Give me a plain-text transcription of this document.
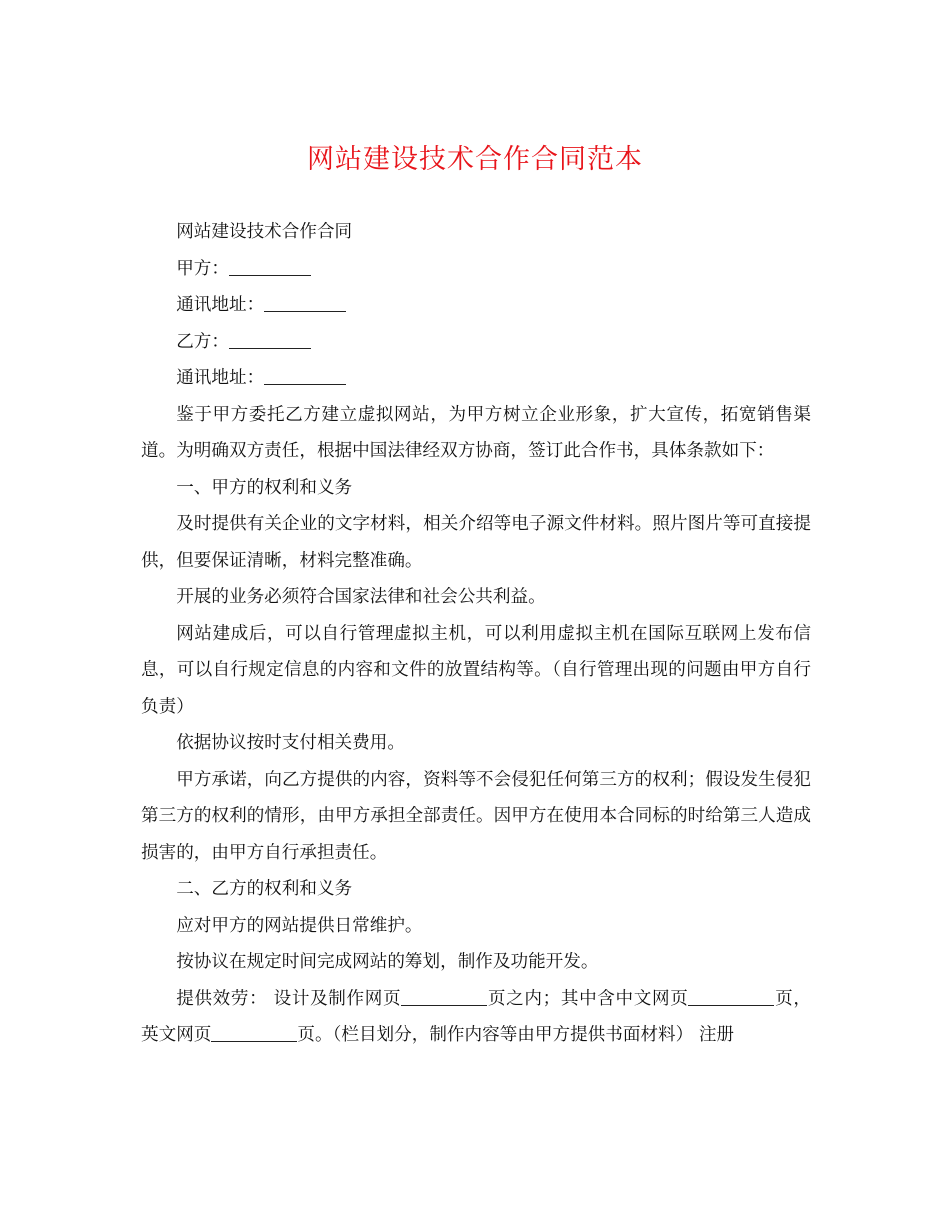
网站建设技术合作合同范本

网站建设技术合作合同

甲方：

通讯地址：

乙方：

通讯地址：

鉴于甲方委托乙方建立虚拟网站，为甲方树立企业形象，扩大宣传，拓宽销售渠道。为明确双方责任，根据中国法律经双方协商，签订此合作书，具体条款如下：

一、甲方的权利和义务

及时提供有关企业的文字材料，相关介绍等电子源文件材料。照片图片等可直接提供，但要保证清晰，材料完整准确。

开展的业务必须符合国家法律和社会公共利益。

网站建成后，可以自行管理虚拟主机，可以利用虚拟主机在国际互联网上发布信息，可以自行规定信息的内容和文件的放置结构等。（自行管理出现的问题由甲方自行负责）

依据协议按时支付相关费用。

甲方承诺，向乙方提供的内容，资料等不会侵犯任何第三方的权利；假设发生侵犯第三方的权利的情形，由甲方承担全部责任。因甲方在使用本合同标的时给第三人造成损害的，由甲方自行承担责任。

二、乙方的权利和义务

应对甲方的网站提供日常维护。

按协议在规定时间完成网站的筹划，制作及功能开发。

提供效劳： 设计及制作网页	页之内；其中含中文网页	页，英文网页	页。（栏目划分，制作内容等由甲方提供书面材料） 注册
